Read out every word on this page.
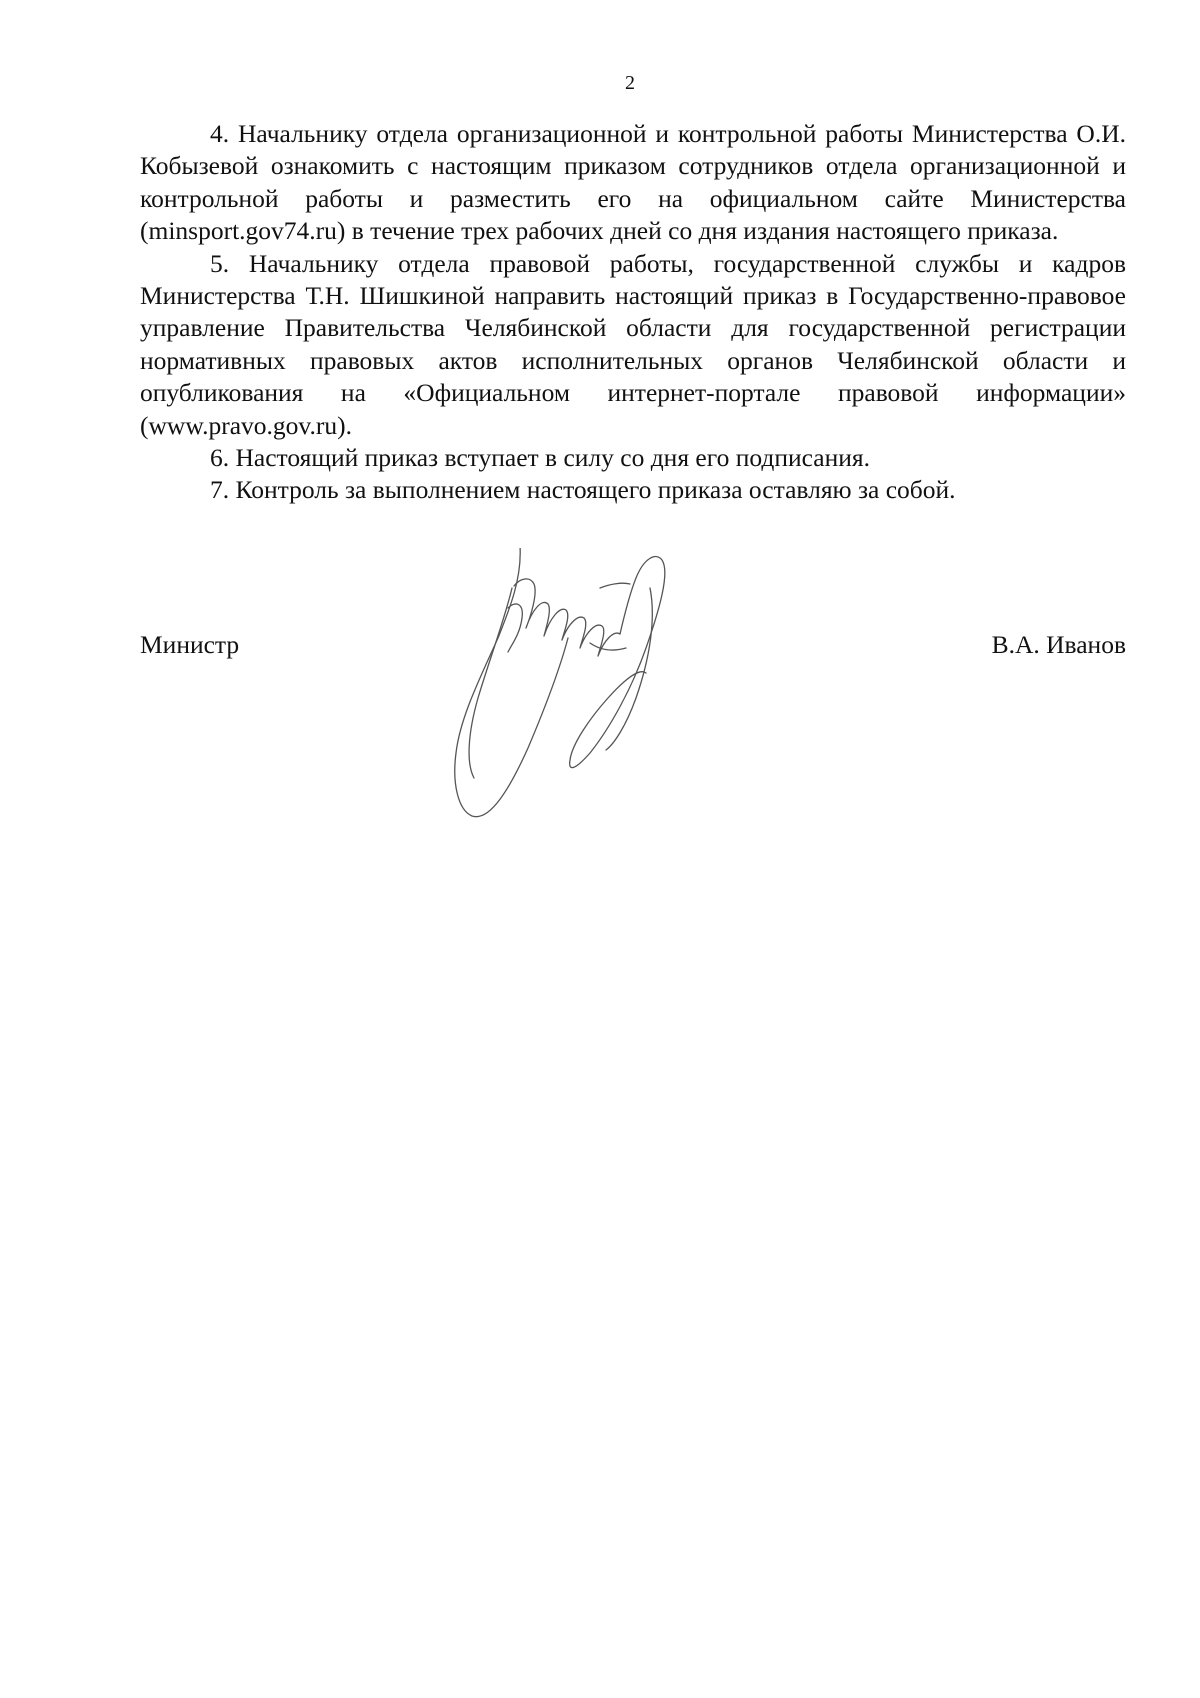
2

4. Начальнику отдела организационной и контрольной работы Министерства О.И. Кобызевой ознакомить с настоящим приказом сотрудников отдела организационной и контрольной работы и разместить его на официальном сайте Министерства (minsport.gov74.ru) в течение трех рабочих дней со дня издания настоящего приказа.

5. Начальнику отдела правовой работы, государственной службы и кадров Министерства Т.Н. Шишкиной направить настоящий приказ в Государственно-правовое управление Правительства Челябинской области для государственной регистрации нормативных правовых актов исполнительных органов Челябинской области и опубликования на «Официальном интернет-портале правовой информации» (www.pravo.gov.ru).

6. Настоящий приказ вступает в силу со дня его подписания.

7. Контроль за выполнением настоящего приказа оставляю за собой.

Министр	В.А. Иванов
